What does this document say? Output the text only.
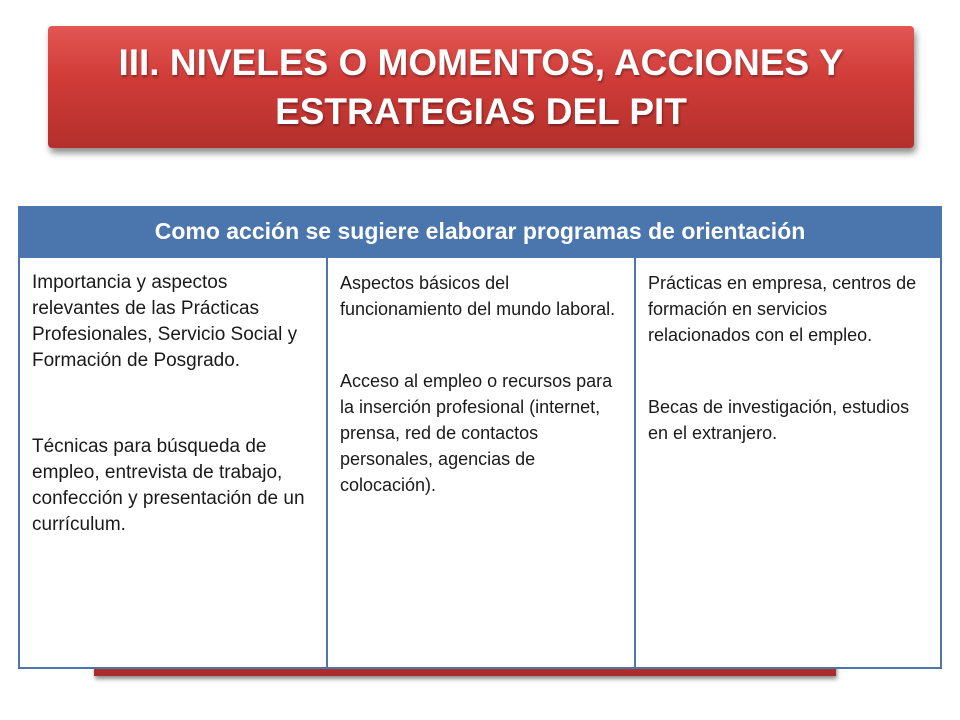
III. NIVELES O MOMENTOS, ACCIONES Y ESTRATEGIAS DEL PIT
Como acción se sugiere elaborar programas de orientación

Importancia y aspectos relevantes de las Prácticas Profesionales, Servicio Social y Formación de Posgrado.

Técnicas para búsqueda de empleo, entrevista de trabajo, confección y presentación de un currículum.

Aspectos básicos del funcionamiento del mundo laboral.

Acceso al empleo o recursos para la inserción profesional (internet, prensa, red de contactos personales, agencias de colocación).

Prácticas en empresa, centros de formación en servicios relacionados con el empleo.

Becas de investigación, estudios en el extranjero.
